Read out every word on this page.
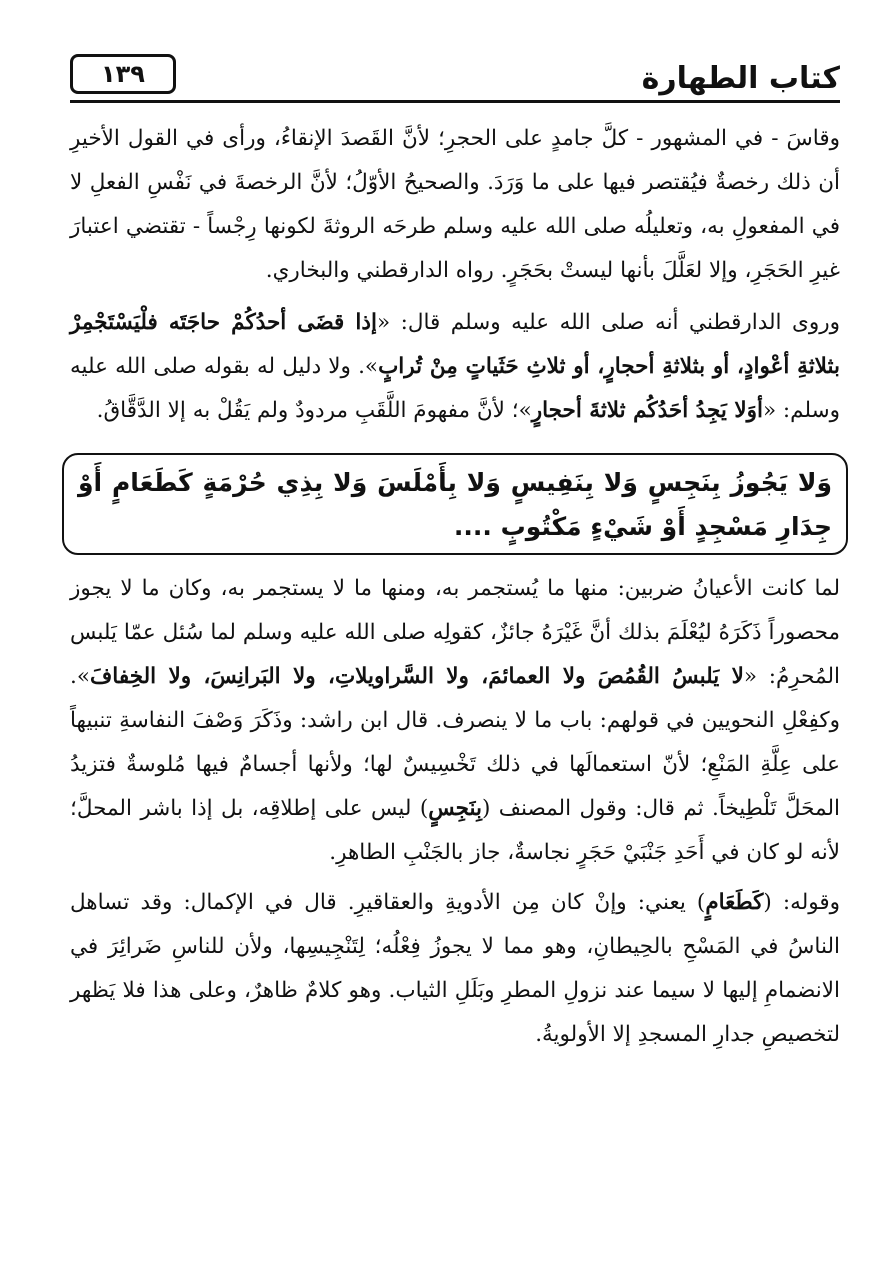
كتاب الطهارة
١٣٩

وقاسَ - في المشهور - كلَّ جامدٍ على الحجرِ؛ لأنَّ القَصدَ الإنقاءُ، ورأى في القول الأخيرِ أن ذلك رخصةٌ فيُقتصر فيها على ما وَرَدَ. والصحيحُ الأوّلُ؛ لأنَّ الرخصةَ في نَفْسِ الفعلِ لا في المفعولِ به، وتعليلُه صلى الله عليه وسلم طرحَه الروثةَ لكونها رِجْساً - تقتضي اعتبارَ غيرِ الحَجَرِ، وإلا لعَلَّلَ بأنها ليستْ بحَجَرٍ. رواه الدارقطني والبخاري.

وروى الدارقطني أنه صلى الله عليه وسلم قال: «إذا قضَى أحدُكُمْ حاجَتَه فلْيَسْتَجْمِرْ بثلاثةِ أعْوادٍ، أو بثلاثةِ أحجارٍ، أو ثلاثِ حَثَياتٍ مِنْ تُرابٍ». ولا دليل له بقوله صلى الله عليه وسلم: «أوَلا يَجِدُ أحَدُكُم ثلاثةَ أحجارٍ»؛ لأنَّ مفهومَ اللَّقَبِ مردودٌ ولم يَقُلْ به إلا الدَّقَّاقُ.

وَلا يَجُوزُ بِنَجِسٍ وَلا بِنَفِيسٍ وَلا بِأَمْلَسَ وَلا بِذِي حُرْمَةٍ كَطَعَامٍ أَوْ جِدَارِ مَسْجِدٍ أَوْ شَيْءٍ مَكْتُوبٍ ....

لما كانت الأعيانُ ضربين: منها ما يُستجمر به، ومنها ما لا يستجمر به، وكان ما لا يجوز محصوراً ذَكَرَهُ ليُعْلَمَ بذلك أنَّ غَيْرَهُ جائزٌ، كقولِه صلى الله عليه وسلم لما سُئل عمّا يَلبس المُحرِمُ: «لا يَلبسُ القُمُصَ ولا العمائمَ، ولا السَّراويلاتِ، ولا البَرانِسَ، ولا الخِفافَ». وكفِعْلِ النحويين في قولهم: باب ما لا ينصرف. قال ابن راشد: وذَكَرَ وَصْفَ النفاسةِ تنبيهاً على عِلَّةِ المَنْعِ؛ لأنّ استعمالَها في ذلك تَخْسِيسٌ لها؛ ولأنها أجسامٌ فيها مُلوسةٌ فتزيدُ المحَلَّ تَلْطِيخاً. ثم قال: وقول المصنف (بِنَجِسٍ) ليس على إطلاقِه، بل إذا باشر المحلَّ؛ لأنه لو كان في أَحَدِ جَنْبَيْ حَجَرٍ نجاسةٌ، جاز بالجَنْبِ الطاهرِ.

وقوله: (كَطَعَامٍ) يعني: وإنْ كان مِن الأدويةِ والعقاقيرِ. قال في الإكمال: وقد تساهل الناسُ في المَسْحِ بالحِيطانِ، وهو مما لا يجوزُ فِعْلُه؛ لِتَنْجِيسِها، ولأن للناسِ ضَرائِرَ في الانضمامِ إليها لا سيما عند نزولِ المطرِ وبَلَلِ الثياب. وهو كلامٌ ظاهرٌ، وعلى هذا فلا يَظهر لتخصيصِ جدارِ المسجدِ إلا الأولويةُ.
